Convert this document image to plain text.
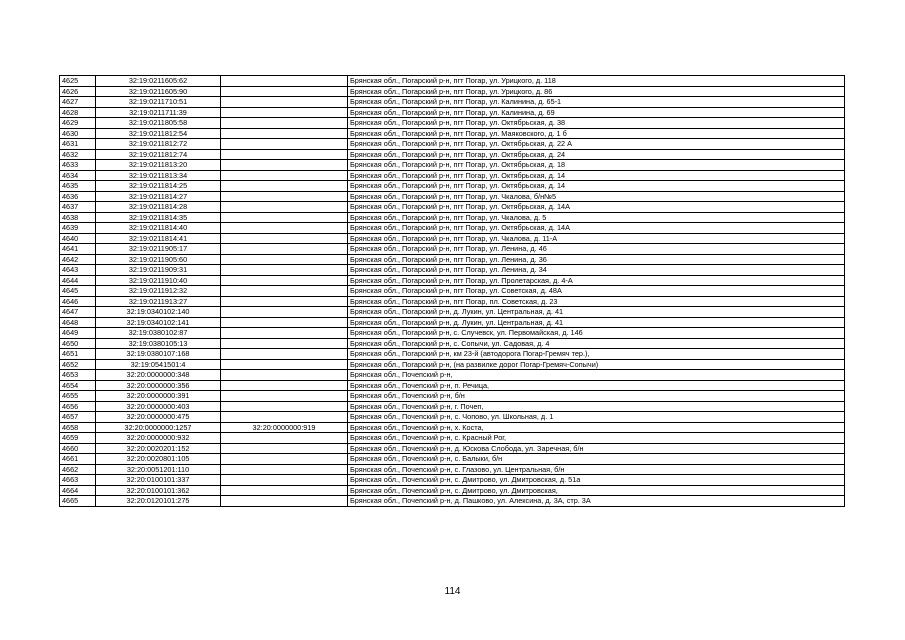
4625	32:19:0211605:62		Брянская обл., Погарский р-н, пгт Погар, ул. Урицкого, д. 118
4626	32:19:0211605:90		Брянская обл., Погарский р-н, пгт Погар, ул. Урицкого, д. 86
4627	32:19:0211710:51		Брянская обл., Погарский р-н, пгт Погар, ул. Калинина, д. 65-1
4628	32:19:0211711:39		Брянская обл., Погарский р-н, пгт Погар, ул. Калинина, д. 69
4629	32:19:0211805:58		Брянская обл., Погарский р-н, пгт Погар, ул. Октябрьская, д. 38
4630	32:19:0211812:54		Брянская обл., Погарский р-н, пгт Погар, ул. Маяковского, д. 1 б
4631	32:19:0211812:72		Брянская обл., Погарский р-н, пгт Погар, ул. Октябрьская, д. 22 А
4632	32:19:0211812:74		Брянская обл., Погарский р-н, пгт Погар, ул. Октябрьская, д. 24
4633	32:19:0211813:20		Брянская обл., Погарский р-н, пгт Погар, ул. Октябрьская, д. 18
4634	32:19:0211813:34		Брянская обл., Погарский р-н, пгт Погар, ул. Октябрьская, д. 14
4635	32:19:0211814:25		Брянская обл., Погарский р-н, пгт Погар, ул. Октябрьская, д. 14
4636	32:19:0211814:27		Брянская обл., Погарский р-н, пгт Погар, ул. Чкалова, б/н№5
4637	32:19:0211814:28		Брянская обл., Погарский р-н, пгт Погар, ул. Октябрьская, д. 14А
4638	32:19:0211814:35		Брянская обл., Погарский р-н, пгт Погар, ул. Чкалова, д. 5
4639	32:19:0211814:40		Брянская обл., Погарский р-н, пгт Погар, ул. Октябрьская, д. 14А
4640	32:19:0211814:41		Брянская обл., Погарский р-н, пгт Погар, ул. Чкалова, д. 11-А
4641	32:19:0211905:17		Брянская обл., Погарский р-н, пгт Погар, ул. Ленина, д. 46
4642	32:19:0211905:60		Брянская обл., Погарский р-н, пгт Погар, ул. Ленина, д. 36
4643	32:19:0211909:31		Брянская обл., Погарский р-н, пгт Погар, ул. Ленина, д. 34
4644	32:19:0211910:40		Брянская обл., Погарский р-н, пгт Погар, ул. Пролетарская, д. 4-А
4645	32:19:0211912:32		Брянская обл., Погарский р-н, пгт Погар, ул. Советская, д. 48А
4646	32:19:0211913:27		Брянская обл., Погарский р-н, пгт Погар, пл. Советская, д. 23
4647	32:19:0340102:140		Брянская обл., Погарский р-н, д. Лукин, ул. Центральная, д. 41
4648	32:19:0340102:141		Брянская обл., Погарский р-н, д. Лукин, ул. Центральная, д. 41
4649	32:19:0380102:87		Брянская обл., Погарский р-н, с. Случевск, ул. Первомайская, д. 146
4650	32:19:0380105:13		Брянская обл., Погарский р-н, с. Сопычи, ул. Садовая, д. 4
4651	32:19:0380107:168		Брянская обл., Погарский р-н, км 23-й (автодорога Погар-Гремяч тер.),
4652	32:19:0541501:4		Брянская обл., Погарский р-н, (на развилке дорог Погар-Гремяч-Сопычи)
4653	32:20:0000000:348		Брянская обл., Почепский р-н,
4654	32:20:0000000:356		Брянская обл., Почепский р-н, п. Речица,
4655	32:20:0000000:391		Брянская обл., Почепский р-н, б/н
4656	32:20:0000000:403		Брянская обл., Почепский р-н, г. Почеп,
4657	32:20:0000000:475		Брянская обл., Почепский р-н, с. Чопово, ул. Школьная, д. 1
4658	32:20:0000000:1257	32:20:0000000:919	Брянская обл., Почепский р-н, х. Коста,
4659	32:20:0000000:932		Брянская обл., Почепский р-н, с. Красный Рог,
4660	32:20:0020201:152		Брянская обл., Почепский р-н, д. Юскова Слобода, ул. Заречная, б/н
4661	32:20:0020801:105		Брянская обл., Почепский р-н, с. Балыки, б/н
4662	32:20:0051201:110		Брянская обл., Почепский р-н, с. Глазово, ул. Центральная, б/н
4663	32:20:0100101:337		Брянская обл., Почепский р-н, с. Дмитрово, ул. Дмитровская, д. 51а
4664	32:20:0100101:362		Брянская обл., Почепский р-н, с. Дмитрово, ул. Дмитровская,
4665	32:20:0120101:275		Брянская обл., Почепский р-н, д. Пашково, ул. Алексина, д. 3А, стр. 3А
114
